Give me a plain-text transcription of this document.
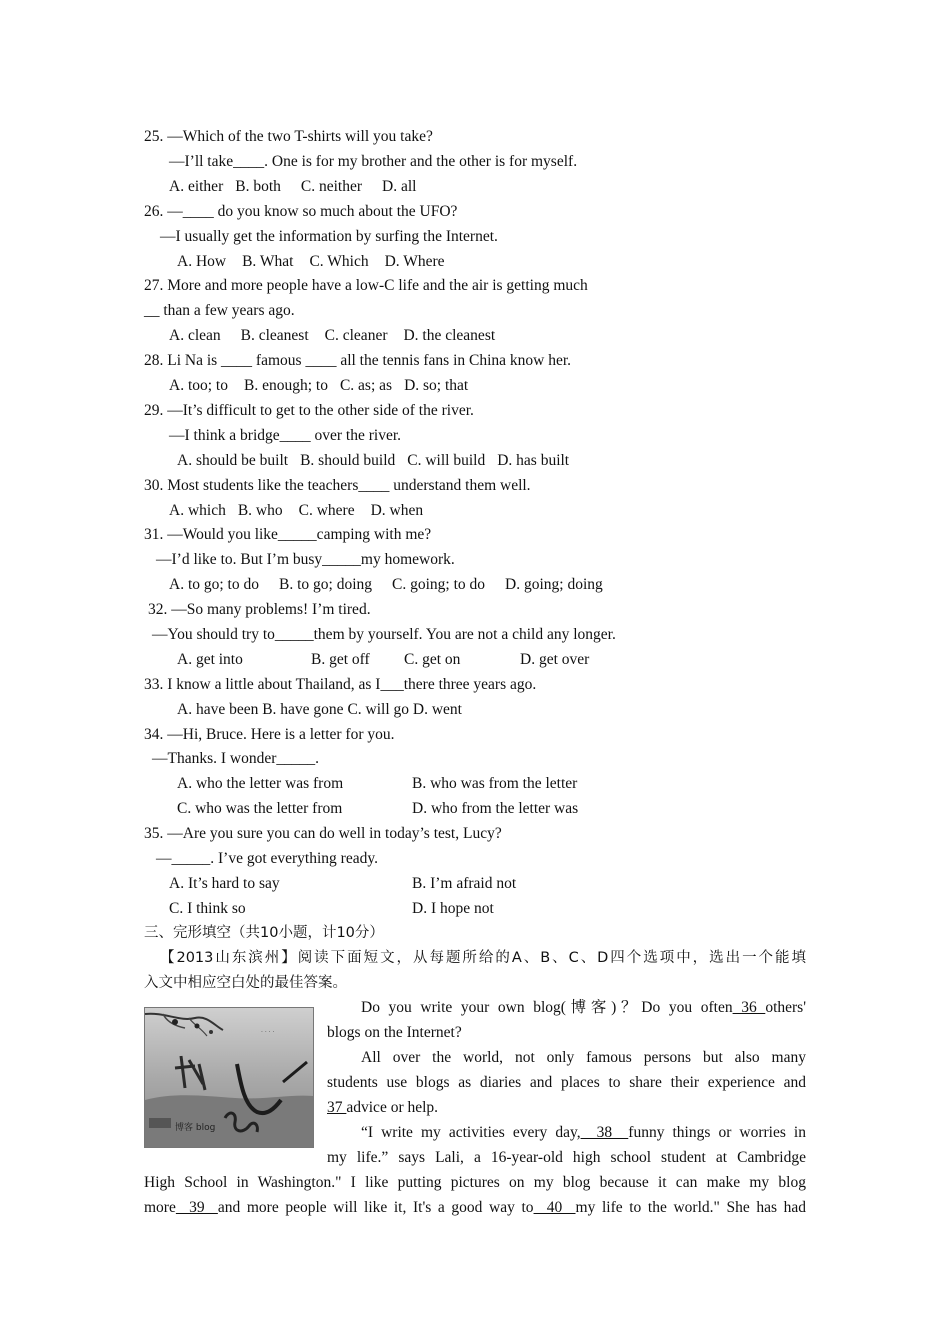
25. —Which of the two T-shirts will you take?
—I’ll take____. One is for my brother and the other is for myself.
A. either B. both C. neither D. all
26. —____ do you know so much about the UFO?
—I usually get the information by surfing the Internet.
A. How B. What C. Which D. Where
27. More and more people have a low-C life and the air is getting much
__ than a few years ago.
A. clean B. cleanest C. cleaner D. the cleanest
28. Li Na is ____ famous ____ all the tennis fans in China know her.
A. too; to B. enough; to C. as; as D. so; that
29. —It’s difficult to get to the other side of the river.
—I think a bridge____ over the river.
A. should be built B. should build C. will build D. has built
30. Most students like the teachers____ understand them well.
A. which B. who C. where D. when
31. —Would you like_____camping with me?
—I’d like to. But I’m busy_____my homework.
A. to go; to do B. to go; doing C. going; to do D. going; doing
32. —So many problems! I’m tired.
—You should try to_____them by yourself. You are not a child any longer.
A. get into	B. get off C. get on	D. get over
33. I know a little about Thailand, as I___there three years ago.
A. have been B. have gone C. will go D. went
34. —Hi, Bruce. Here is a letter for you.
—Thanks. I wonder_____.
A. who the letter was from	B. who was from the letter
C. who was the letter from	D. who from the letter was
35. —Are you sure you can do well in today’s test, Lucy?
—_____. I’ve got everything ready.
A. It’s hard to say	B. I’m afraid not
C. I think so	D. I hope not
三、完形填空（共10小题，计10分）
【2013山东滨州】阅读下面短文，从每题所给的A、B、C、D四个选项中，选出一个能填
入文中相应空白处的最佳答案。
博客 blog
· · · ·
Do you write your own blog(博客)？Do you often 36 others'
blogs on the Internet?
All over the world, not only famous persons but also many
students use blogs as diaries and places to share their experience and
37 advice or help.
“I write my activities every day,  38  funny things or worries in
my life.” says Lali, a 16-year-old high school student at Cambridge
High School in Washington." I like putting pictures on my blog because it can make my blog
more  39  and more people will like it, It's a good way to  40  my life to the world." She has had
